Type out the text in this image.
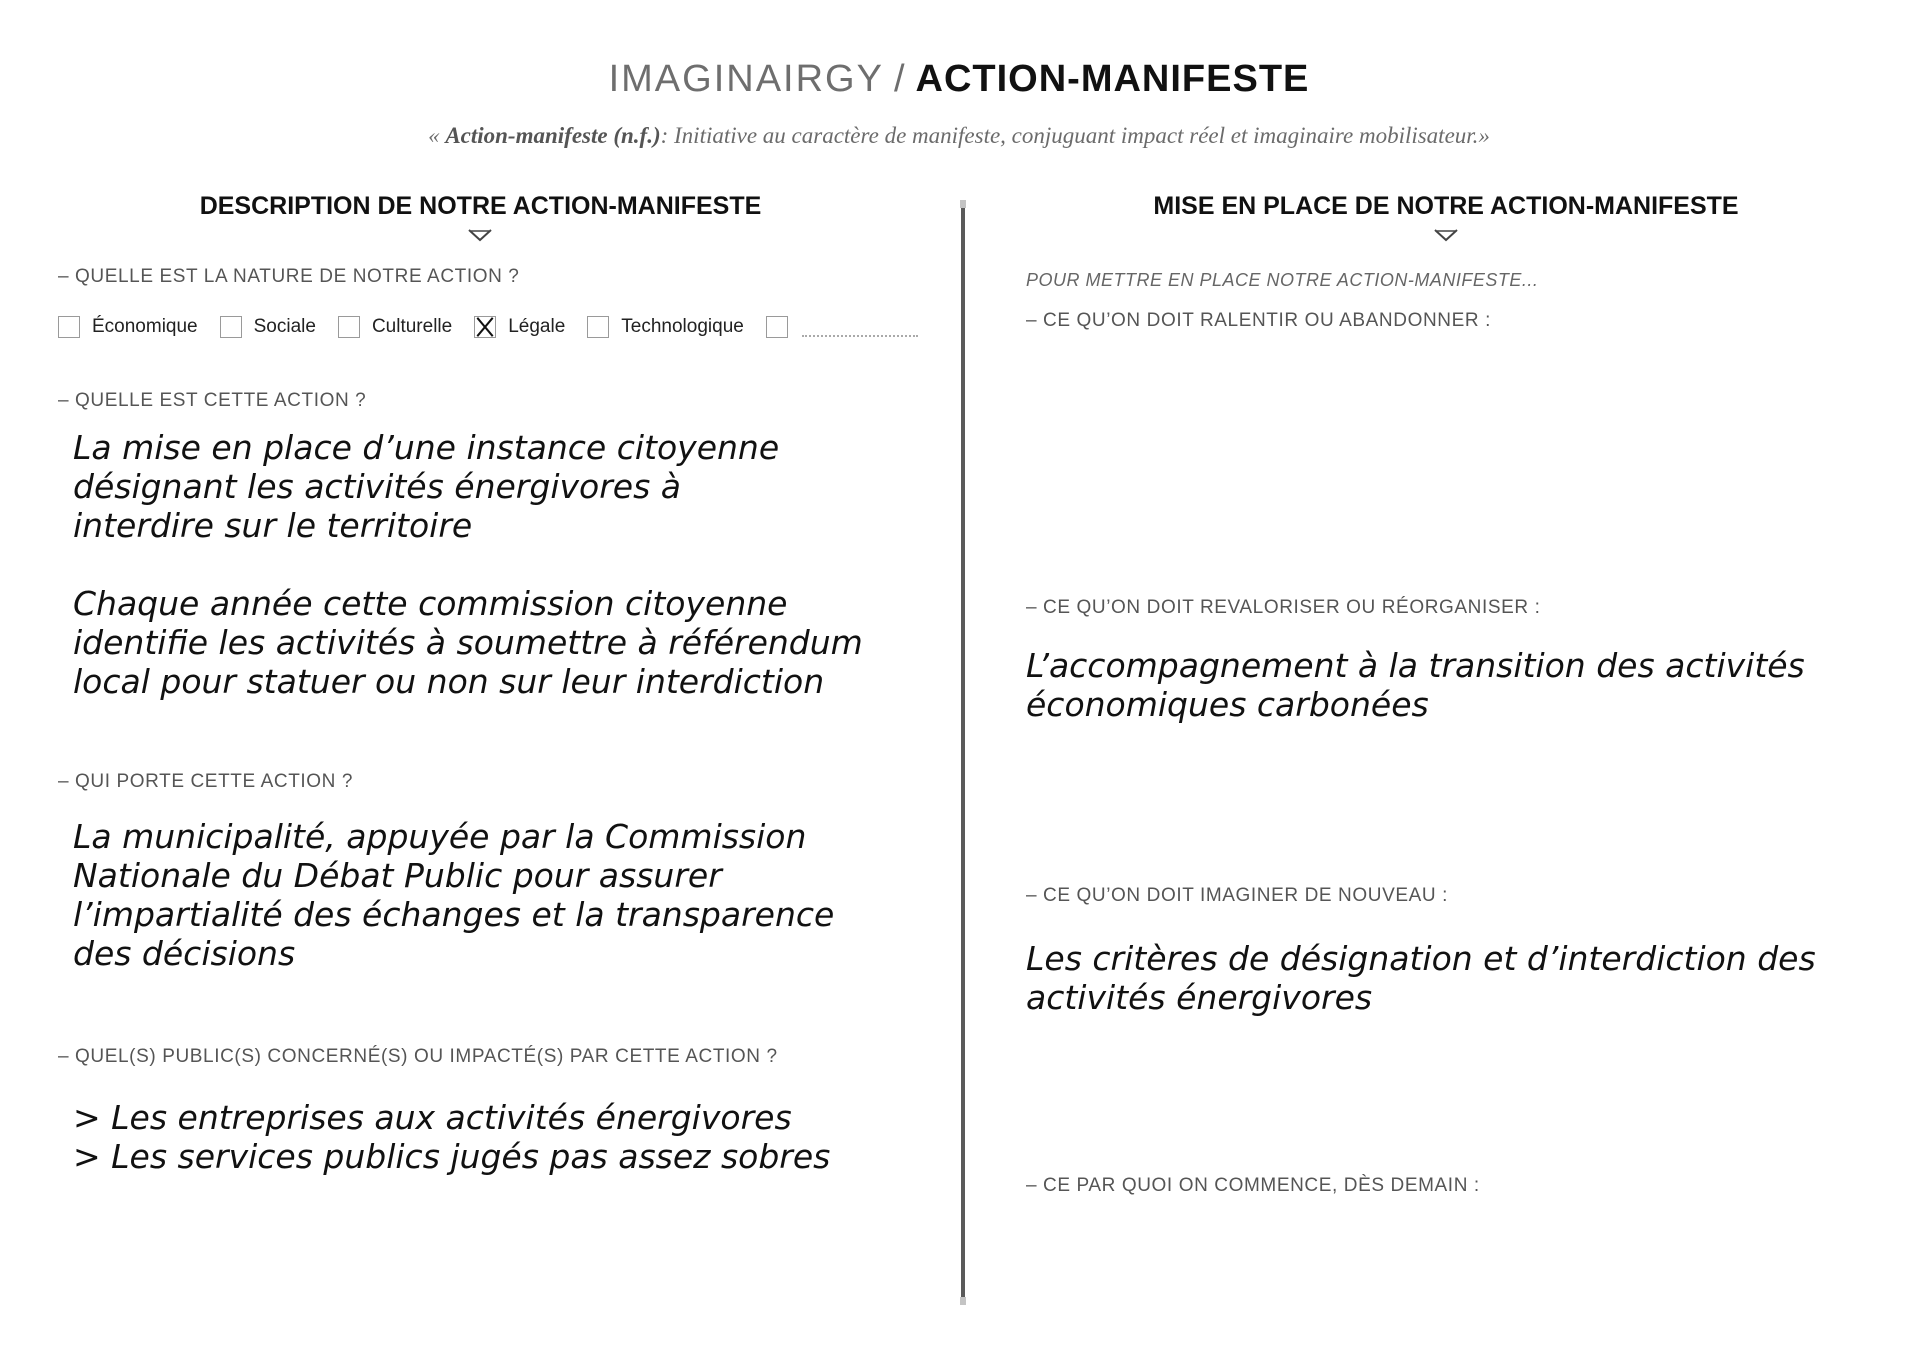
IMAGINAIRGY / ACTION-MANIFESTE
« Action-manifeste (n.f.): Initiative au caractère de manifeste, conjuguant impact réel et imaginaire mobilisateur.»
DESCRIPTION DE NOTRE ACTION-MANIFESTE
– QUELLE EST LA NATURE DE NOTRE ACTION ?
Économique	Sociale	Culturelle	Légale	Technologique
– QUELLE EST CETTE ACTION ?

La mise en place d’une instance citoyenne
désignant les activités énergivores à
interdire sur le territoire

Chaque année cette commission citoyenne
identifie les activités à soumettre à référendum
local pour statuer ou non sur leur interdiction

– QUI PORTE CETTE ACTION ?

La municipalité, appuyée par la Commission
Nationale du Débat Public pour assurer
l’impartialité des échanges et la transparence
des décisions

– QUEL(S) PUBLIC(S) CONCERNÉ(S) OU IMPACTÉ(S) PAR CETTE ACTION ?

> Les entreprises aux activités énergivores
> Les services publics jugés pas assez sobres

MISE EN PLACE DE NOTRE ACTION-MANIFESTE
POUR METTRE EN PLACE NOTRE ACTION-MANIFESTE...
– CE QU’ON DOIT RALENTIR OU ABANDONNER :
– CE QU’ON DOIT REVALORISER OU RÉORGANISER :

L’accompagnement à la transition des activités
économiques carbonées

– CE QU’ON DOIT IMAGINER DE NOUVEAU :

Les critères de désignation et d’interdiction des
activités énergivores

– CE PAR QUOI ON COMMENCE, DÈS DEMAIN :
